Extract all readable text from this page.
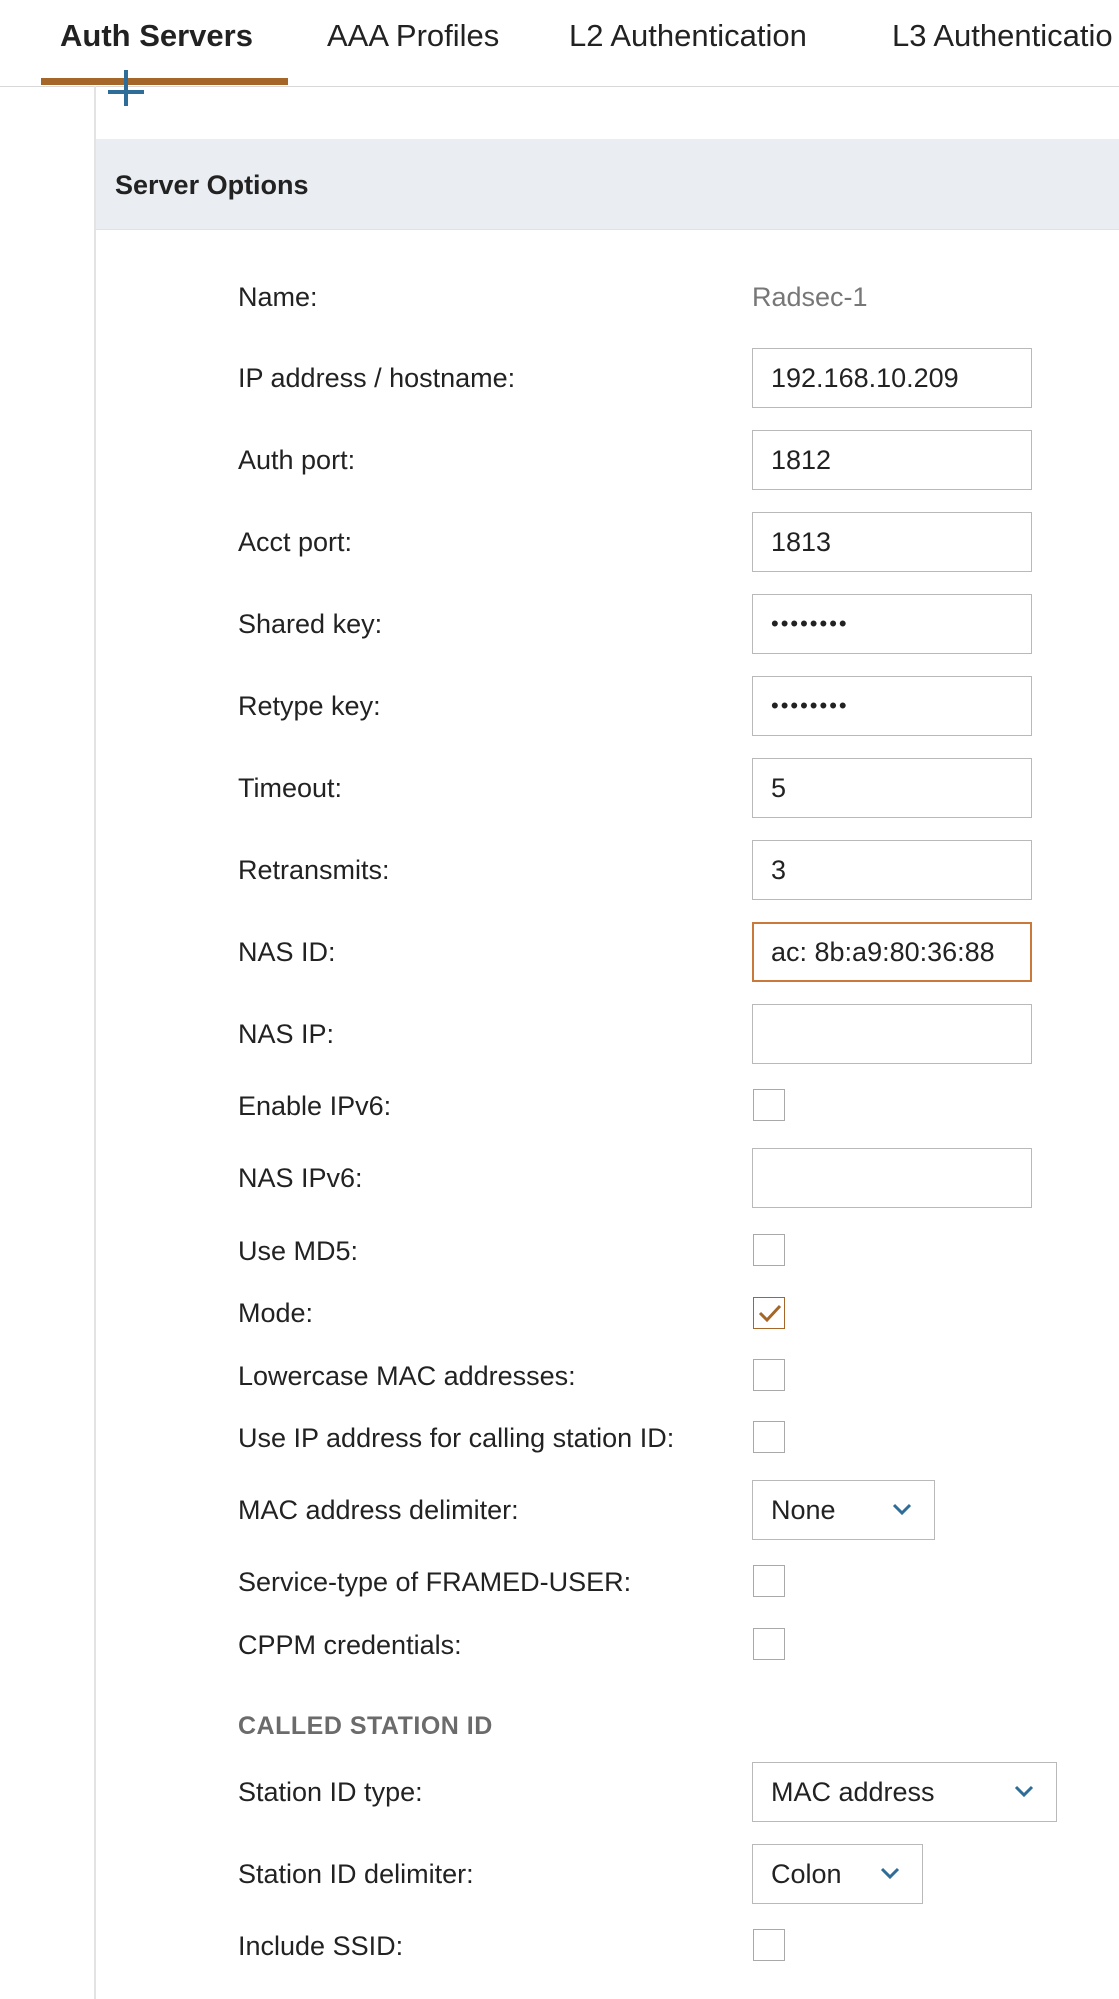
Auth Servers AAA Profiles L2 Authentication	L3 Authenticatio
Server Options
Name:	Radsec-1
IP address / hostname:	192.168.10.209
Auth port:	1812
Acct port:	1813
Shared key:	••••••••
Retype key:	••••••••
Timeout:	5
Retransmits:	3
NAS ID:	ac: 8b:a9:80:36:88
NAS IP:
Enable IPv6:
NAS IPv6:
Use MD5:
Mode:
Lowercase MAC addresses:
Use IP address for calling station ID:
MAC address delimiter:	None
Service-type of FRAMED-USER:
CPPM credentials:
CALLED STATION ID
Station ID type:	MAC address
Station ID delimiter:	Colon
Include SSID:
